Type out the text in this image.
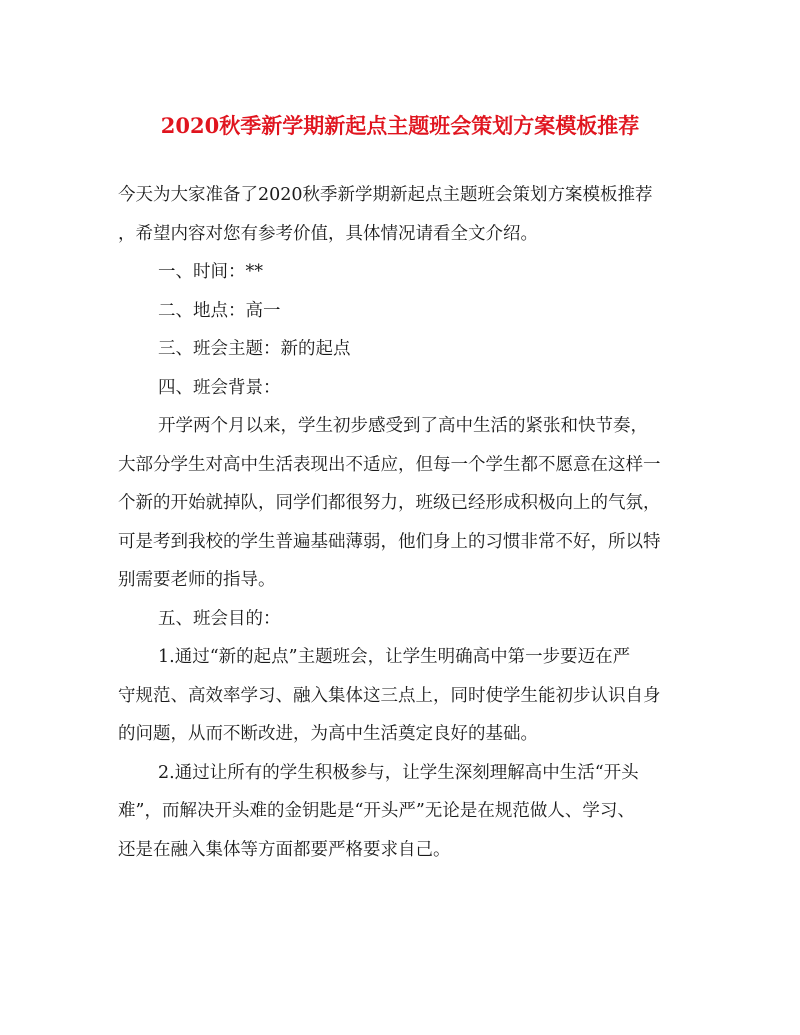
2020秋季新学期新起点主题班会策划方案模板推荐
今天为大家准备了2020秋季新学期新起点主题班会策划方案模板推荐
，希望内容对您有参考价值，具体情况请看全文介绍。
一、时间：**
二、地点：高一
三、班会主题：新的起点
四、班会背景：
开学两个月以来，学生初步感受到了高中生活的紧张和快节奏，
大部分学生对高中生活表现出不适应，但每一个学生都不愿意在这样一
个新的开始就掉队，同学们都很努力，班级已经形成积极向上的气氛，
可是考到我校的学生普遍基础薄弱，他们身上的习惯非常不好，所以特
别需要老师的指导。
五、班会目的：
1.通过“新的起点”主题班会，让学生明确高中第一步要迈在严
守规范、高效率学习、融入集体这三点上，同时使学生能初步认识自身
的问题，从而不断改进，为高中生活奠定良好的基础。
2.通过让所有的学生积极参与，让学生深刻理解高中生活“开头
难”，而解决开头难的金钥匙是“开头严”无论是在规范做人、学习、
还是在融入集体等方面都要严格要求自己。
